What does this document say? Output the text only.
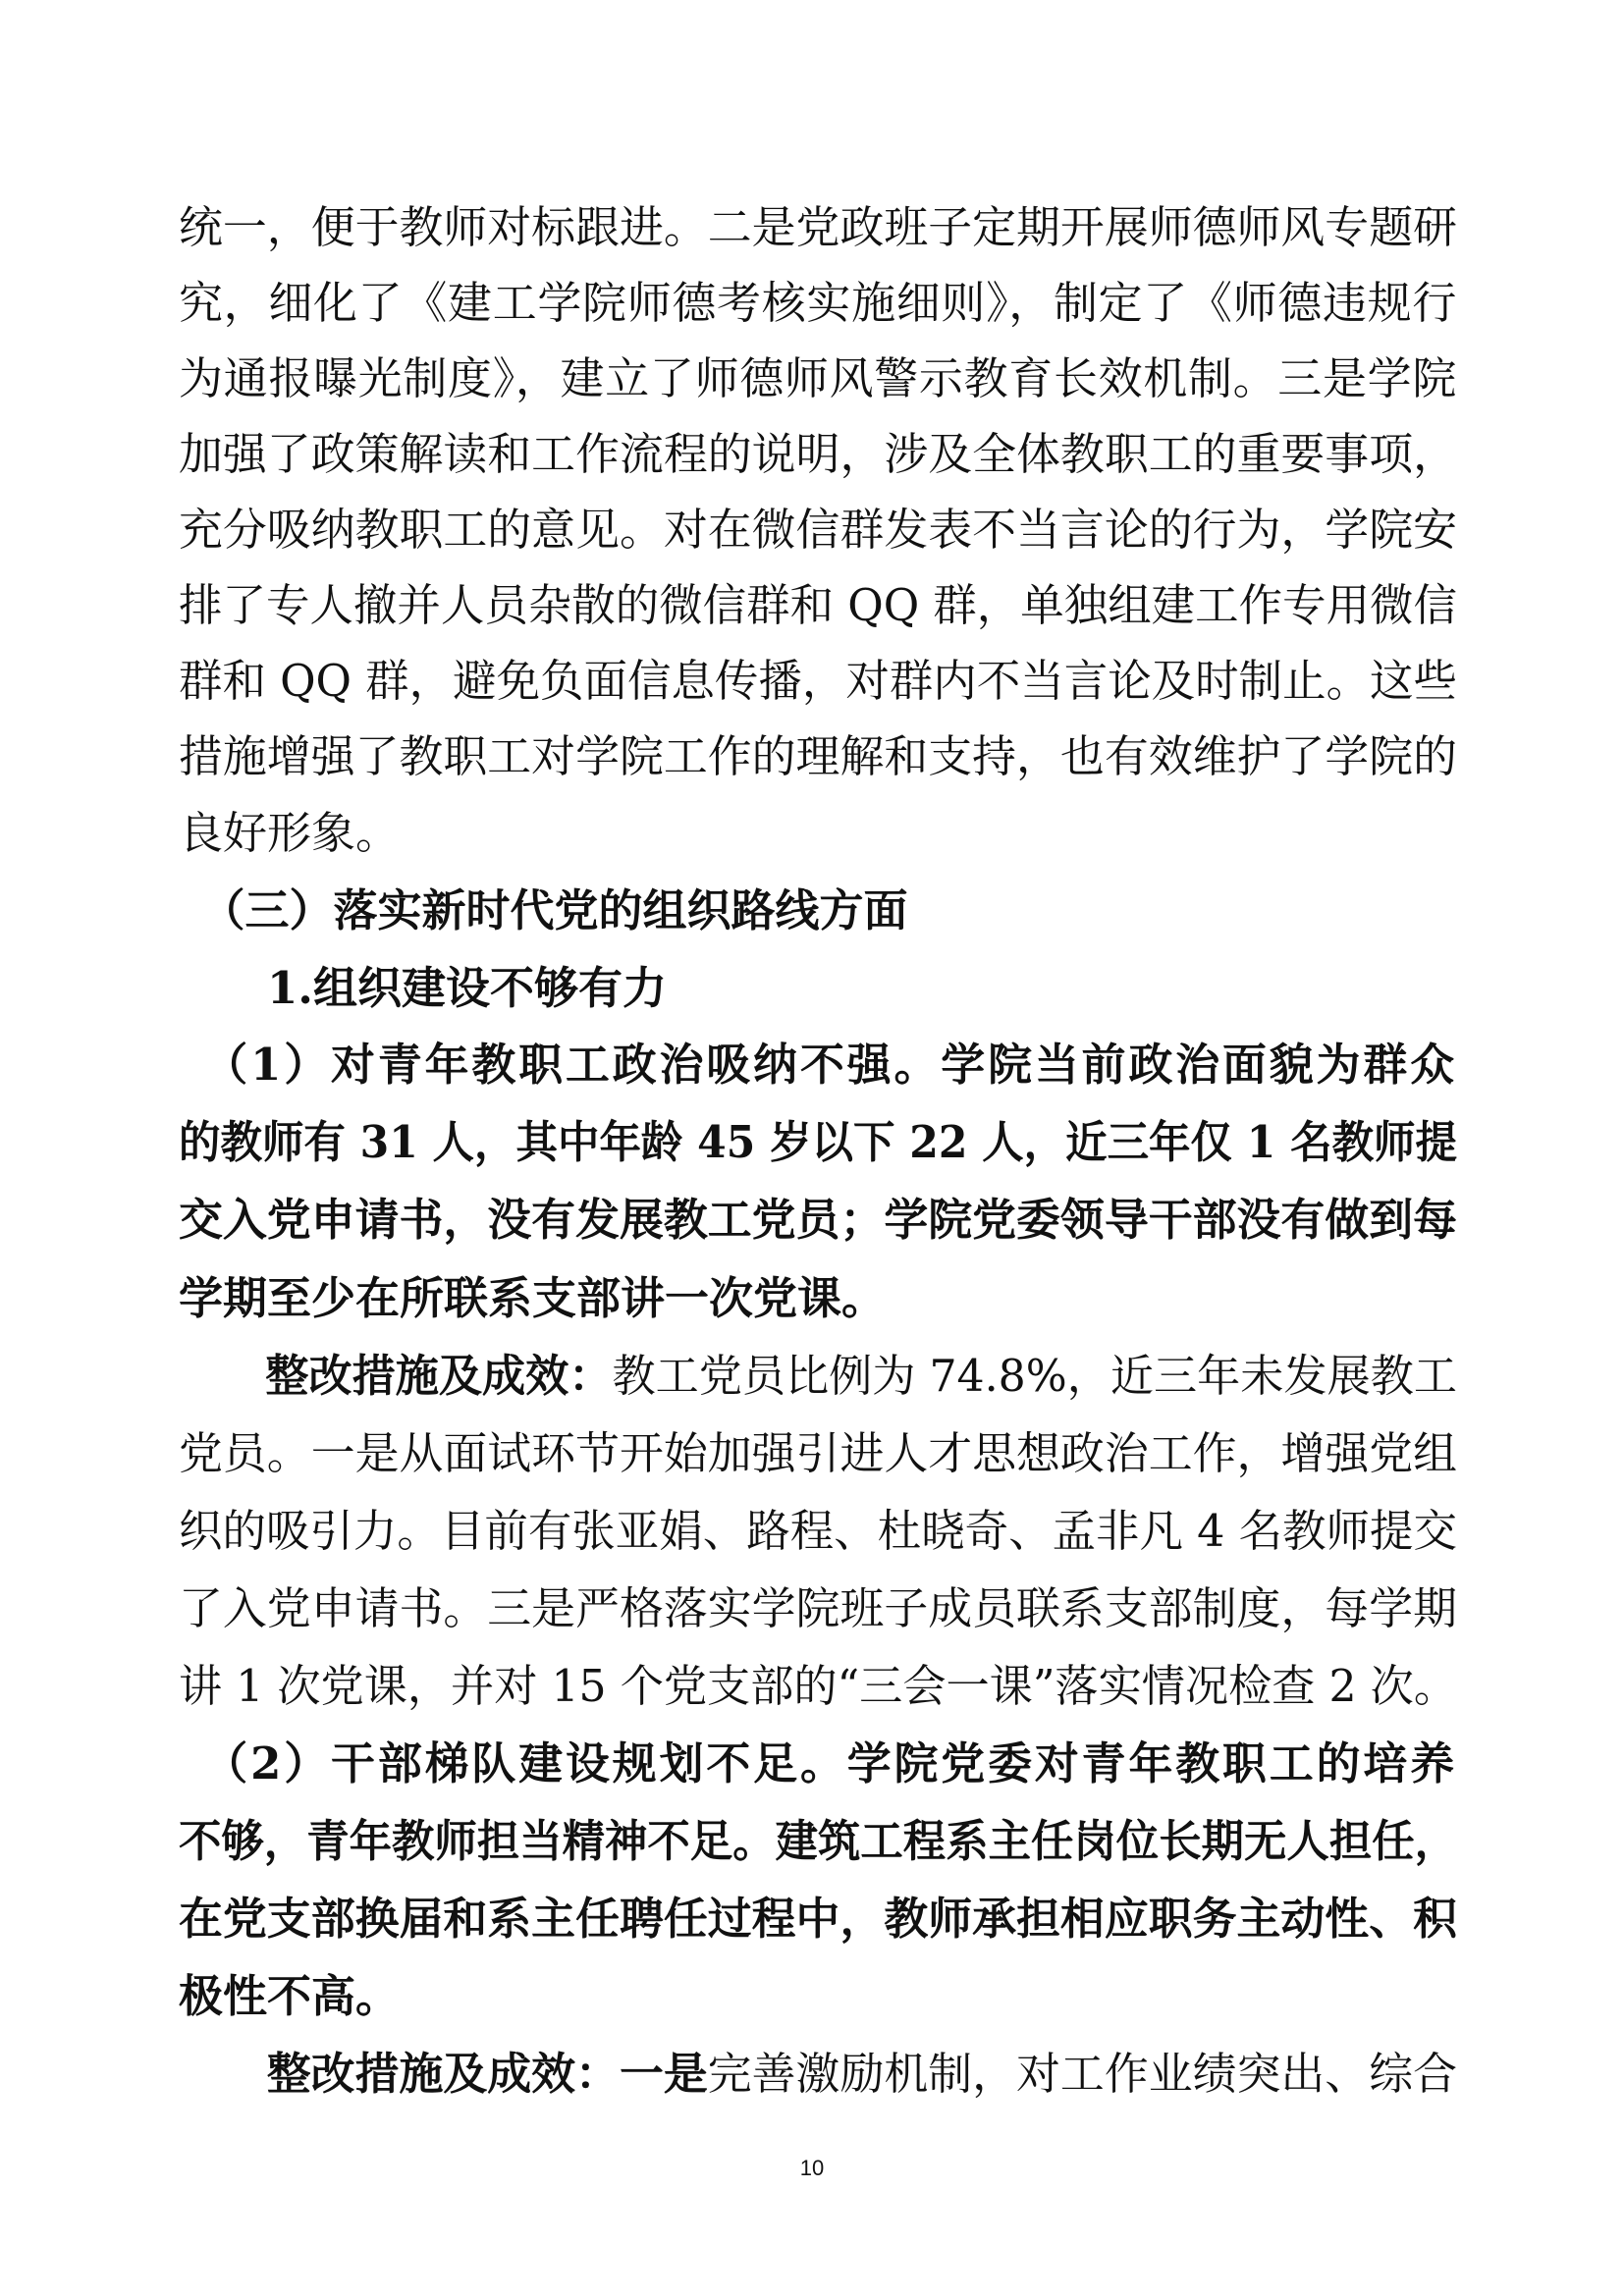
统一，便于教师对标跟进。二是党政班子定期开展师德师风专题研
究，细化了《建工学院师德考核实施细则》，制定了《师德违规行
为通报曝光制度》，建立了师德师风警示教育长效机制。三是学院
加强了政策解读和工作流程的说明，涉及全体教职工的重要事项，
充分吸纳教职工的意见。对在微信群发表不当言论的行为，学院安
排了专人撤并人员杂散的微信群和 QQ 群，单独组建工作专用微信
群和 QQ 群，避免负面信息传播，对群内不当言论及时制止。这些
措施增强了教职工对学院工作的理解和支持，也有效维护了学院的
良好形象。
　（三）落实新时代党的组织路线方面
　　1.组织建设不够有力
　（1）对青年教职工政治吸纳不强。学院当前政治面貌为群众
的教师有 31 人，其中年龄 45 岁以下 22 人，近三年仅 1 名教师提
交入党申请书，没有发展教工党员；学院党委领导干部没有做到每
学期至少在所联系支部讲一次党课。
　　整改措施及成效：教工党员比例为 74.8%，近三年未发展教工
党员。一是从面试环节开始加强引进人才思想政治工作，增强党组
织的吸引力。目前有张亚娟、路程、杜晓奇、孟非凡 4 名教师提交
了入党申请书。三是严格落实学院班子成员联系支部制度，每学期
讲 1 次党课，并对 15 个党支部的“三会一课”落实情况检查 2 次。
　（2）干部梯队建设规划不足。学院党委对青年教职工的培养
不够，青年教师担当精神不足。建筑工程系主任岗位长期无人担任，
在党支部换届和系主任聘任过程中，教师承担相应职务主动性、积
极性不高。
　　整改措施及成效：一是完善激励机制，对工作业绩突出、综合
10
